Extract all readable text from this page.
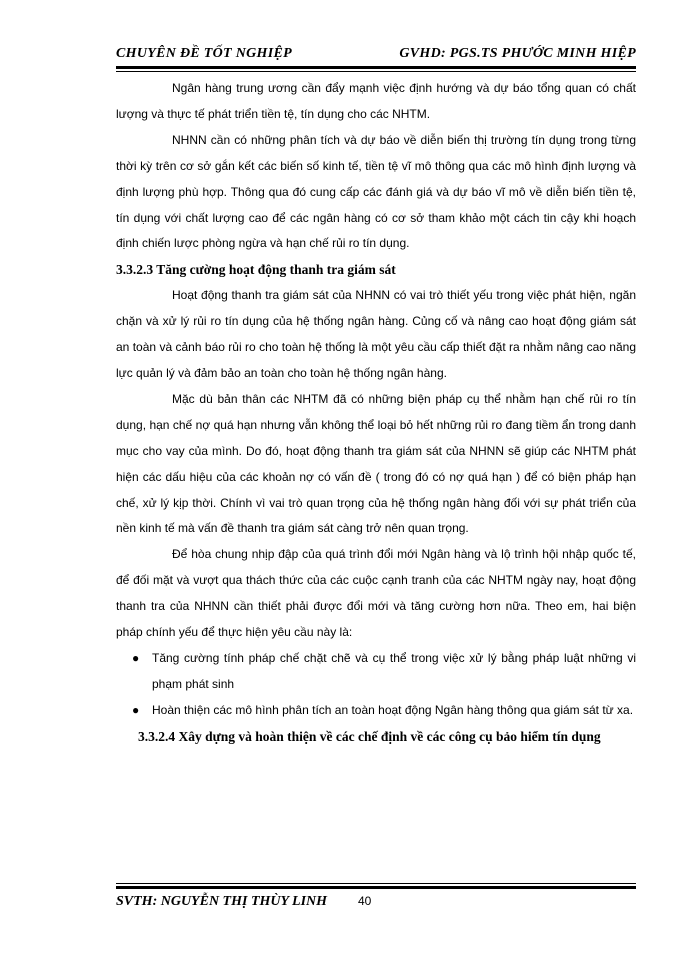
CHUYÊN ĐỀ TỐT NGHIỆP	GVHD: PGS.TS PHƯỚC MINH HIỆP

Ngân hàng trung ương cần đẩy mạnh việc định hướng và dự báo tổng quan có chất lượng và thực tế phát triển tiền tệ, tín dụng cho các NHTM.

NHNN cần có những phân tích và dự báo về diễn biến thị trường tín dụng trong từng thời kỳ trên cơ sở gắn kết các biến số kinh tế, tiền tệ vĩ mô thông qua các mô hình định lượng và định lượng phù hợp. Thông qua đó cung cấp các đánh giá và dự báo vĩ mô về diễn biến tiền tệ, tín dụng với chất lượng cao để các ngân hàng có cơ sở tham khảo một cách tin cậy khi hoạch định chiến lược phòng ngừa và hạn chế rủi ro tín dụng.

3.3.2.3 Tăng cường hoạt động thanh tra giám sát

Hoạt động thanh tra giám sát của NHNN có vai trò thiết yếu trong việc phát hiện, ngăn chặn và xử lý rủi ro tín dụng của hệ thống ngân hàng. Củng cố và nâng cao hoạt động giám sát an toàn và cảnh báo rủi ro cho toàn hệ thống là một yêu cầu cấp thiết đặt ra nhằm nâng cao năng lực quản lý và đảm bảo an toàn cho toàn hệ thống ngân hàng.

Mặc dù bản thân các NHTM đã có những biện pháp cụ thể nhằm hạn chế rủi ro tín dụng, hạn chế nợ quá hạn nhưng vẫn không thể loại bỏ hết những rủi ro đang tiềm ẩn trong danh mục cho vay của mình. Do đó, hoạt động thanh tra giám sát của NHNN sẽ giúp các NHTM phát hiện các dấu hiệu của các khoản nợ có vấn đề ( trong đó có nợ quá hạn ) để có biện pháp hạn chế, xử lý kịp thời. Chính vì vai trò quan trọng của hệ thống ngân hàng đối với sự phát triển của nền kinh tế mà vấn đề thanh tra giám sát càng trở nên quan trọng.

Để hòa chung nhịp đập của quá trình đổi mới Ngân hàng và lộ trình hội nhập quốc tế, để đối mặt và vượt qua thách thức của các cuộc cạnh tranh của các NHTM ngày nay, hoạt động thanh tra của NHNN cần thiết phải được đổi mới và tăng cường hơn nữa. Theo em, hai biện pháp chính yếu để thực hiện yêu cầu này là:

● Tăng cường tính pháp chế chặt chẽ và cụ thể trong việc xử lý bằng pháp luật những vi phạm phát sinh
● Hoàn thiện các mô hình phân tích an toàn hoạt động Ngân hàng thông qua giám sát từ xa.
3.3.2.4 Xây dựng và hoàn thiện về các chế định về các công cụ bảo hiểm tín dụng
SVTH: NGUYỄN THỊ THÙY LINH	40
